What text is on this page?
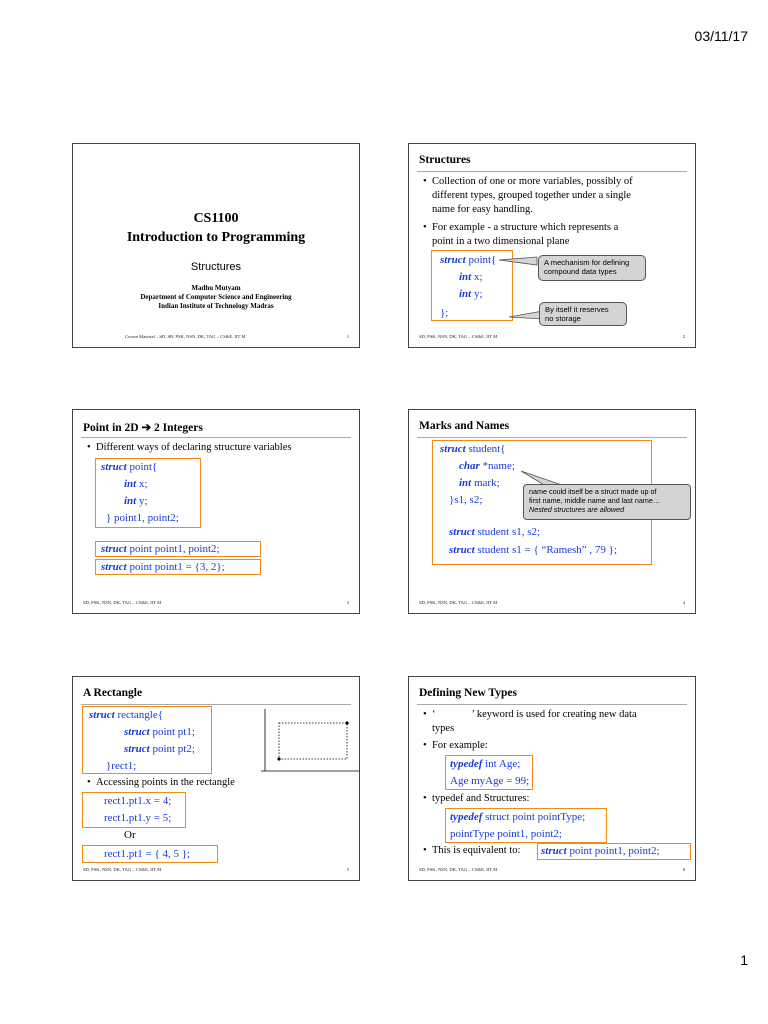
03/11/17
CS1100
Introduction to Programming
Structures
Madhu Mutyam
Department of Computer Science and Engineering
Indian Institute of Technology Madras
Course Material – SD, SB, PSK, NSN, DK, TAG – CS&E, IIT M	1
Structures
• Collection of one or more variables, possibly of
different types, grouped together under a single
name for easy handling.
• For example - a structure which represents a
point in a two dimensional plane
struct point{
int x;
int y;
};
A mechanism for defining
compound data types
By itself it reserves
no storage
SD, PSK, NSN, DK, TAG – CS&E, IIT M	2
Point in 2D ➔ 2 Integers
• Different ways of declaring structure variables
struct point{
int x;
int y;
} point1, point2;
struct point point1, point2;
struct point point1 = {3, 2};
SD, PSK, NSN, DK, TAG – CS&E, IIT M	3
Marks and Names
struct student{
char *name;
int mark;
}s1, s2;
struct student s1, s2;
struct student s1 = { “Ramesh” , 79 };
name could itself be a struct made up of
first name, middle name and last name…
Nested structures are allowed
SD, PSK, NSN, DK, TAG – CS&E, IIT M	4
A Rectangle
struct rectangle{
struct point pt1;
struct point pt2;
}rect1;
• Accessing points in the rectangle
rect1.pt1.x = 4;
rect1.pt1.y = 5;
Or
rect1.pt1 = { 4, 5 };
SD, PSK, NSN, DK, TAG – CS&E, IIT M	5
Defining New Types
• ‘	’ keyword is used for creating new data
types
• For example:
typedef int Age;
Age myAge = 99;
• typedef and Structures:
typedef struct point pointType;
pointType point1, point2;
• This is equivalent to: struct point point1, point2;
SD, PSK, NSN, DK, TAG – CS&E, IIT M	6
1
